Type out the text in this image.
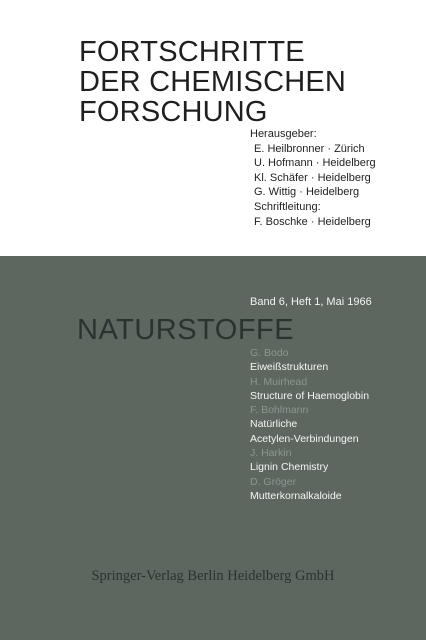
FORTSCHRITTE
DER CHEMISCHEN
FORSCHUNG
Herausgeber:
E. Heilbronner · Zürich
U. Hofmann · Heidelberg
Kl. Schäfer · Heidelberg
G. Wittig · Heidelberg
Schriftleitung:
F. Boschke · Heidelberg
Band 6, Heft 1, Mai 1966
NATURSTOFFE
G. Bodo
Eiweißstrukturen
H. Muirhead
Structure of Haemoglobin
F. Bohlmann
Natürliche
Acetylen-Verbindungen
J. Harkin
Lignin Chemistry
D. Gröger
Mutterkornalkaloide
Springer-Verlag Berlin Heidelberg GmbH
